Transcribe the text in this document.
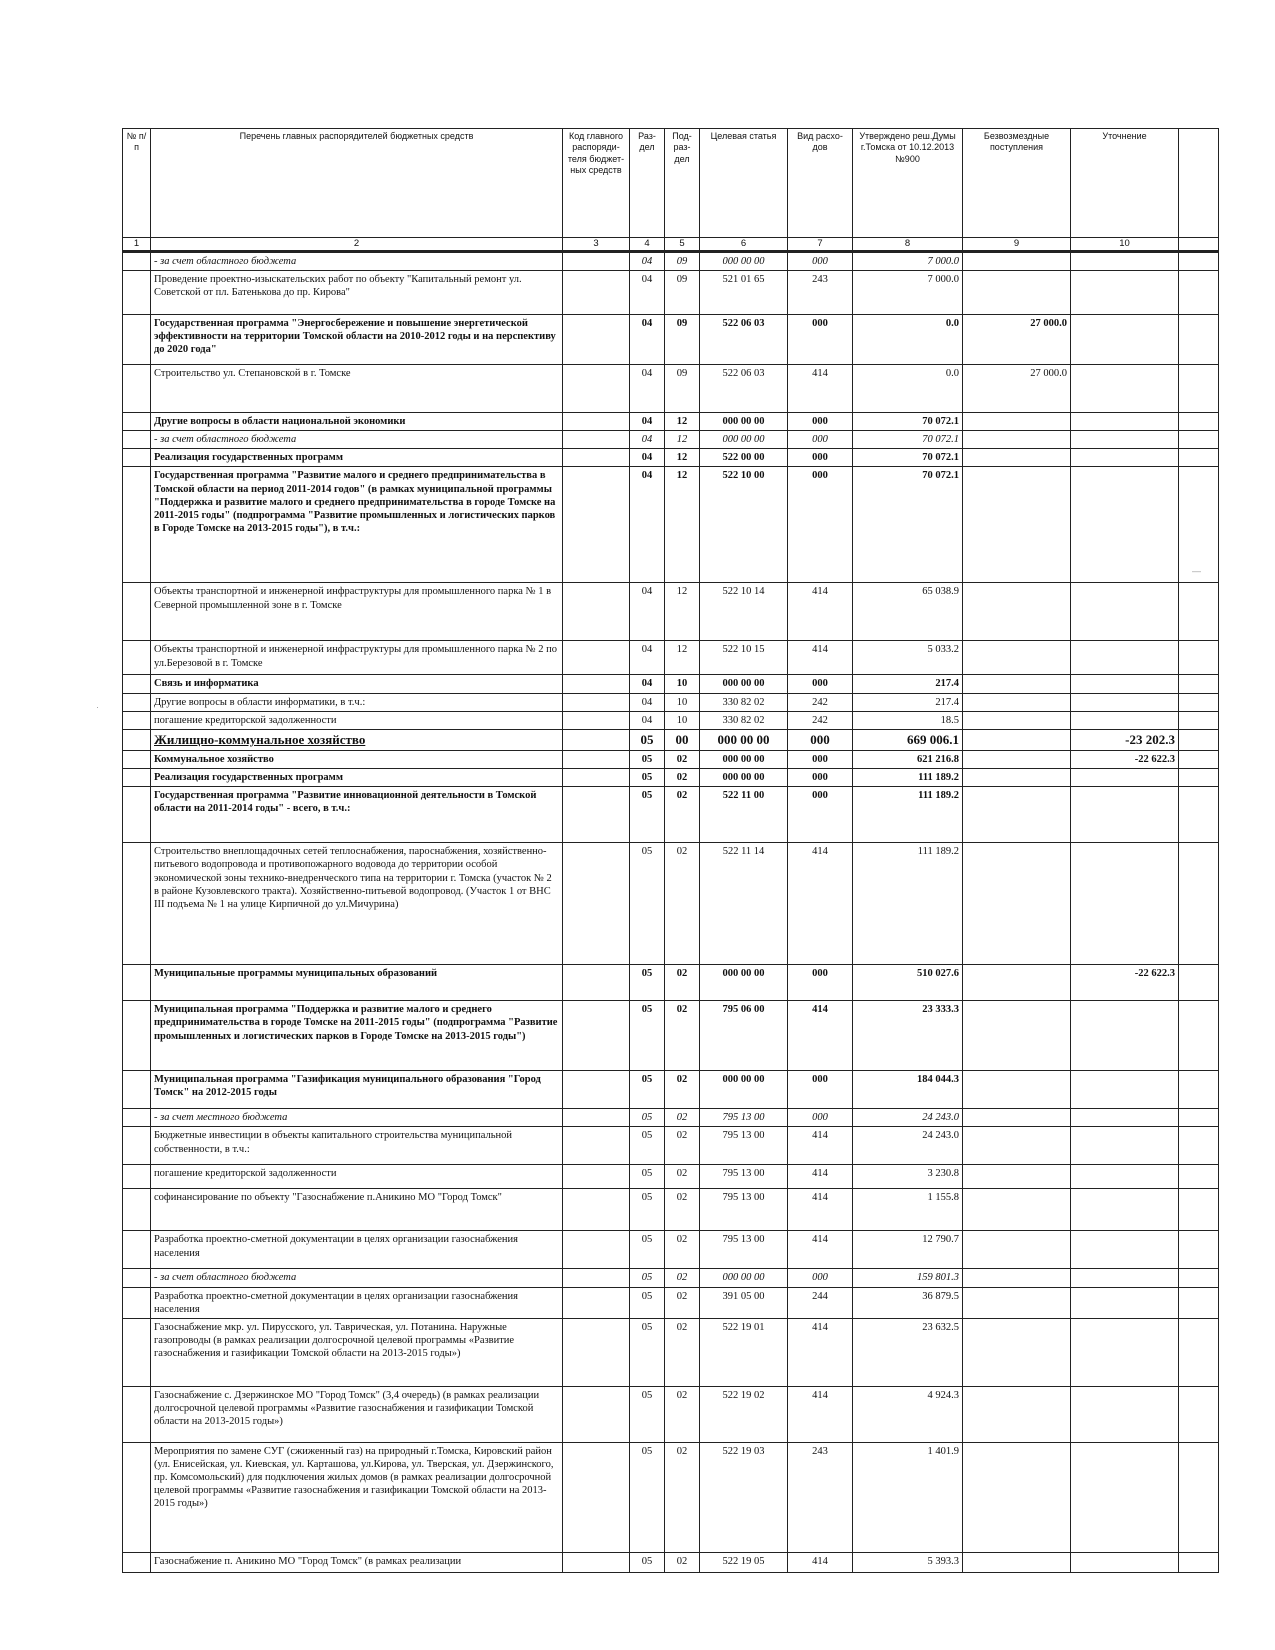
№ п/п	Перечень главных распорядителей бюджетных средств	Код главного распоряди-теля бюджет-ных средств	Раз-дел	Под-раз-дел	Целевая статья	Вид расхо-дов	Утверждено реш.Думы г.Томска от 10.12.2013 №900	Безвозмездные поступления	Уточнение	
1	2	3	4	5	6	7	8	9	10	
	- за счет областного бюджета		04	09	000 00 00	000	7 000.0			
	Проведение проектно-изыскательских работ по объекту "Капитальный ремонт ул. Советской от пл. Батенькова до пр. Кирова"		04	09	521 01 65	243	7 000.0			
	Государственная программа "Энергосбережение и повышение энергетической эффективности на территории Томской области на 2010-2012 годы и на перспективу до 2020 года"		04	09	522 06 03	000	0.0	27 000.0		
	Строительство ул. Степановской в г. Томске		04	09	522 06 03	414	0.0	27 000.0		
	Другие вопросы в области национальной экономики		04	12	000 00 00	000	70 072.1			
	- за счет областного бюджета		04	12	000 00 00	000	70 072.1			
	Реализация государственных программ		04	12	522 00 00	000	70 072.1			
	Государственная программа "Развитие малого и среднего предпринимательства в Томской области на период 2011-2014 годов" (в рамках муниципальной программы "Поддержка и развитие малого и среднего предпринимательства в городе Томске на 2011-2015 годы" (подпрограмма "Развитие промышленных и логистических парков в Городе Томске на 2013-2015 годы"), в т.ч.:		04	12	522 10 00	000	70 072.1			
	Объекты транспортной и инженерной инфраструктуры для промышленного парка № 1 в Северной промышленной зоне в г. Томске		04	12	522 10 14	414	65 038.9			
	Объекты транспортной и инженерной инфраструктуры для промышленного парка № 2 по ул.Березовой в г. Томске		04	12	522 10 15	414	5 033.2			
	Связь и информатика		04	10	000 00 00	000	217.4			
	Другие вопросы в области информатики, в т.ч.:		04	10	330 82 02	242	217.4			
	погашение кредиторской задолженности		04	10	330 82 02	242	18.5			
	Жилищно-коммунальное хозяйство		05	00	000 00 00	000	669 006.1		-23 202.3	
	Коммунальное хозяйство		05	02	000 00 00	000	621 216.8		-22 622.3	
	Реализация государственных программ		05	02	000 00 00	000	111 189.2			
	Государственная программа "Развитие инновационной деятельности в Томской области на 2011-2014 годы" - всего, в т.ч.:		05	02	522 11 00	000	111 189.2			
	Строительство внеплощадочных сетей теплоснабжения, пароснабжения, хозяйственно-питьевого водопровода и противопожарного водовода до территории особой экономической зоны технико-внедренческого типа на территории г. Томска (участок № 2 в районе Кузовлевского тракта). Хозяйственно-питьевой водопровод. (Участок 1 от ВНС III подъема № 1 на улице Кирпичной до ул.Мичурина)		05	02	522 11 14	414	111 189.2			
	Муниципальные программы муниципальных образований		05	02	000 00 00	000	510 027.6		-22 622.3	
	Муниципальная программа "Поддержка и развитие малого и среднего предпринимательства в городе Томске на 2011-2015 годы" (подпрограмма "Развитие промышленных и логистических парков в Городе Томске на 2013-2015 годы")		05	02	795 06 00	414	23 333.3			
	Муниципальная программа "Газификация муниципального образования "Город Томск" на 2012-2015 годы		05	02	000 00 00	000	184 044.3			
	- за счет местного бюджета		05	02	795 13 00	000	24 243.0			
	Бюджетные инвестиции в объекты капитального строительства муниципальной собственности, в т.ч.:		05	02	795 13 00	414	24 243.0			
	погашение кредиторской задолженности		05	02	795 13 00	414	3 230.8			
	софинансирование по объекту "Газоснабжение п.Аникино МО "Город Томск"		05	02	795 13 00	414	1 155.8			
	Разработка проектно-сметной документации в целях организации газоснабжения населения		05	02	795 13 00	414	12 790.7			
	- за счет областного бюджета		05	02	000 00 00	000	159 801.3			
	Разработка проектно-сметной документации в целях организации газоснабжения населения		05	02	391 05 00	244	36 879.5			
	Газоснабжение мкр. ул. Пирусского, ул. Таврическая, ул. Потанина. Наружные газопроводы (в рамках реализации долгосрочной целевой программы «Развитие газоснабжения и газификации Томской области на 2013-2015 годы»)		05	02	522 19 01	414	23 632.5			
	Газоснабжение с. Дзержинское МО "Город Томск" (3,4 очередь) (в рамках реализации долгосрочной целевой программы «Развитие газоснабжения и газификации Томской области на 2013-2015 годы»)		05	02	522 19 02	414	4 924.3			
	Мероприятия по замене СУГ (сжиженный газ) на природный г.Томска, Кировский район (ул. Енисейская, ул. Киевская, ул. Карташова, ул.Кирова, ул. Тверская, ул. Дзержинского, пр. Комсомольский) для подключения жилых домов (в рамках реализации долгосрочной целевой программы «Развитие газоснабжения и газификации Томской области на 2013-2015 годы»)		05	02	522 19 03	243	1 401.9			
	Газоснабжение п. Аникино МО "Город Томск" (в рамках реализации		05	02	522 19 05	414	5 393.3			
·
—
